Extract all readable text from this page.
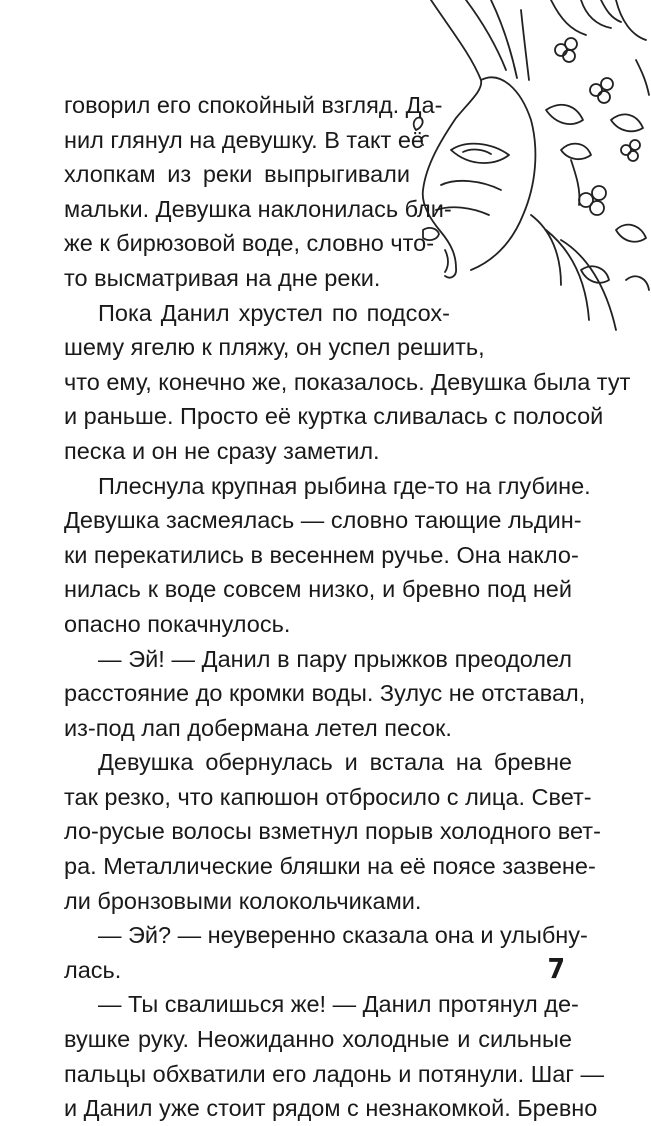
говорил его спокойный взгляд. Да-
нил глянул на девушку. В такт её
хлопкам из реки выпрыгивали
мальки. Девушка наклонилась бли-
же к бирюзовой воде, словно что-
то высматривая на дне реки.
Пока Данил хрустел по подсох-
шему ягелю к пляжу, он успел решить,
что ему, конечно же, показалось. Девушка была тут
и раньше. Просто её куртка сливалась с полосой
песка и он не сразу заметил.
Плеснула крупная рыбина где-то на глубине.
Девушка засмеялась — словно тающие льдин-
ки перекатились в весеннем ручье. Она накло-
нилась к воде совсем низко, и бревно под ней
опасно покачнулось.
— Эй! — Данил в пару прыжков преодолел
расстояние до кромки воды. Зулус не отставал,
из-под лап добермана летел песок.
Девушка обернулась и встала на бревне
так резко, что капюшон отбросило с лица. Свет-
ло-русые волосы взметнул порыв холодного вет-
ра. Металлические бляшки на её поясе зазвене-
ли бронзовыми колокольчиками.
— Эй? — неуверенно сказала она и улыбну-
лась.
— Ты свалишься же! — Данил протянул де-
вушке руку. Неожиданно холодные и сильные
пальцы обхватили его ладонь и потянули. Шаг —
и Данил уже стоит рядом с незнакомкой. Бревно
7
